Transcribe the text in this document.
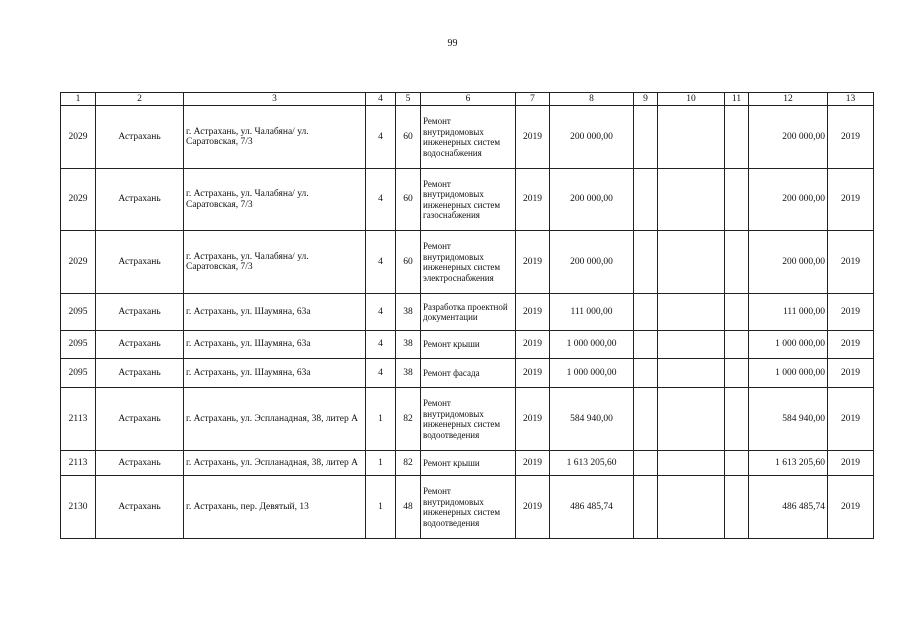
99
1	2	3	4	5	6	7	8	9	10	11	12	13
2029	Астрахань	г. Астрахань, ул. Чалабяна/ ул. Саратовская, 7/3	4	60	Ремонт внутридомовых инженерных систем водоснабжения	2019	200 000,00				200 000,00	2019
2029	Астрахань	г. Астрахань, ул. Чалабяна/ ул. Саратовская, 7/3	4	60	Ремонт внутридомовых инженерных систем газоснабжения	2019	200 000,00				200 000,00	2019
2029	Астрахань	г. Астрахань, ул. Чалабяна/ ул. Саратовская, 7/3	4	60	Ремонт внутридомовых инженерных систем электроснабжения	2019	200 000,00				200 000,00	2019
2095	Астрахань	г. Астрахань, ул. Шаумяна, 63а	4	38	Разработка проектной документации	2019	111 000,00				111 000,00	2019
2095	Астрахань	г. Астрахань, ул. Шаумяна, 63а	4	38	Ремонт крыши	2019	1 000 000,00				1 000 000,00	2019
2095	Астрахань	г. Астрахань, ул. Шаумяна, 63а	4	38	Ремонт фасада	2019	1 000 000,00				1 000 000,00	2019
2113	Астрахань	г. Астрахань, ул. Эспланадная, 38, литер А	1	82	Ремонт внутридомовых инженерных систем водоотведения	2019	584 940,00				584 940,00	2019
2113	Астрахань	г. Астрахань, ул. Эспланадная, 38, литер А	1	82	Ремонт крыши	2019	1 613 205,60				1 613 205,60	2019
2130	Астрахань	г. Астрахань, пер. Девятый, 13	1	48	Ремонт внутридомовых инженерных систем водоотведения	2019	486 485,74				486 485,74	2019
